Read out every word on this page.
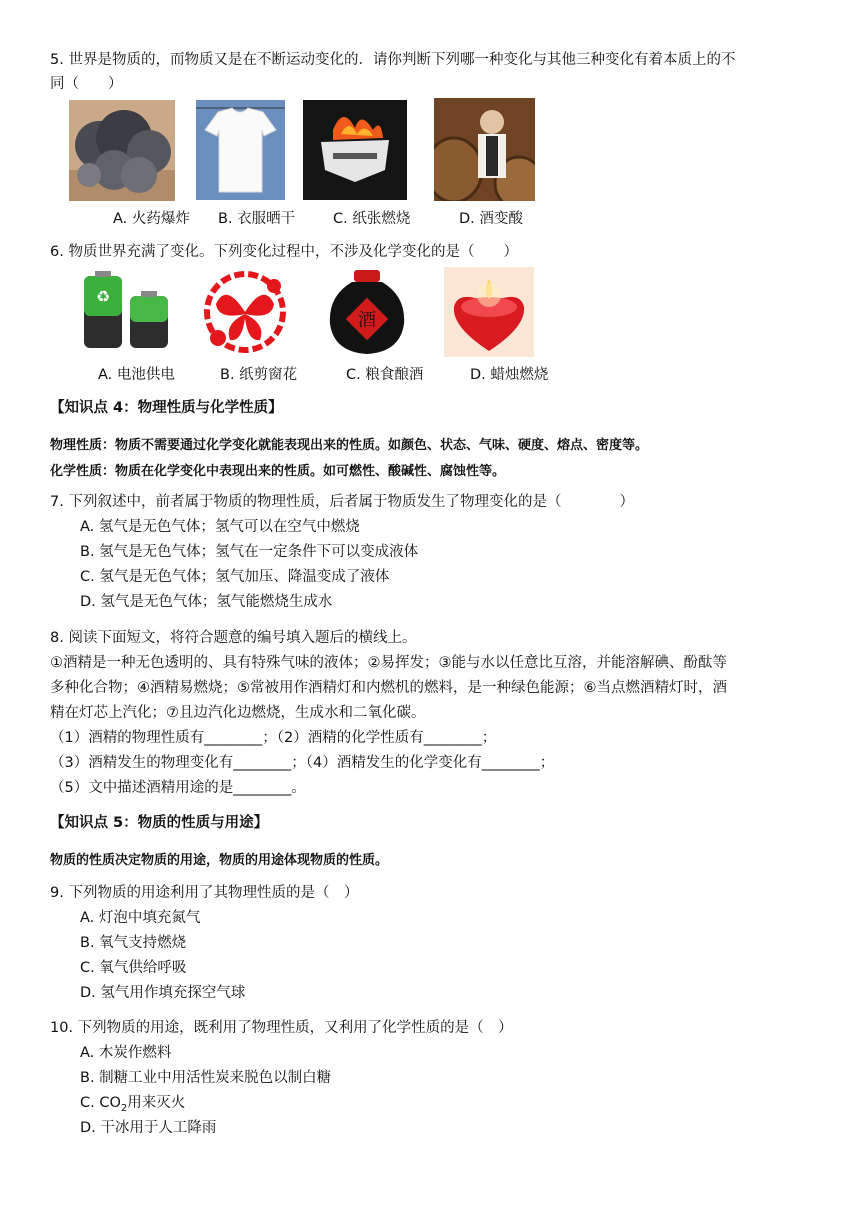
5. 世界是物质的，而物质又是在不断运动变化的．请你判断下列哪一种变化与其他三种变化有着本质上的不
同（　　）
A. 火药爆炸 B. 衣服晒干	C. 纸张燃烧	D. 酒变酸
6. 物质世界充满了变化。下列变化过程中，不涉及化学变化的是（　　）
♻
酒
A. 电池供电	B. 纸剪窗花	C. 粮食酿酒	D. 蜡烛燃烧
【知识点 4：物理性质与化学性质】
物理性质：物质不需要通过化学变化就能表现出来的性质。如颜色、状态、气味、硬度、熔点、密度等。
化学性质：物质在化学变化中表现出来的性质。如可燃性、酸碱性、腐蚀性等。
7. 下列叙述中，前者属于物质的物理性质，后者属于物质发生了物理变化的是（　　　　）
A. 氢气是无色气体；氢气可以在空气中燃烧
B. 氢气是无色气体；氢气在一定条件下可以变成液体
C. 氢气是无色气体；氢气加压、降温变成了液体
D. 氢气是无色气体；氢气能燃烧生成水
8. 阅读下面短文，将符合题意的编号填入题后的横线上。
①酒精是一种无色透明的、具有特殊气味的液体；②易挥发；③能与水以任意比互溶，并能溶解碘、酚酞等
多种化合物；④酒精易燃烧；⑤常被用作酒精灯和内燃机的燃料，是一种绿色能源；⑥当点燃酒精灯时，酒
精在灯芯上汽化；⑦且边汽化边燃烧，生成水和二氧化碳。
（1）酒精的物理性质有________；（2）酒精的化学性质有________；
（3）酒精发生的物理变化有________；（4）酒精发生的化学变化有________；
（5）文中描述酒精用途的是________。
【知识点 5：物质的性质与用途】
物质的性质决定物质的用途，物质的用途体现物质的性质。
9. 下列物质的用途利用了其物理性质的是（　）
A. 灯泡中填充氮气
B. 氧气支持燃烧
C. 氧气供给呼吸
D. 氢气用作填充探空气球
10. 下列物质的用途，既利用了物理性质，又利用了化学性质的是（　）
A. 木炭作燃料
B. 制糖工业中用活性炭来脱色以制白糖
C. $CO_2$用来灭火
D. 干冰用于人工降雨
